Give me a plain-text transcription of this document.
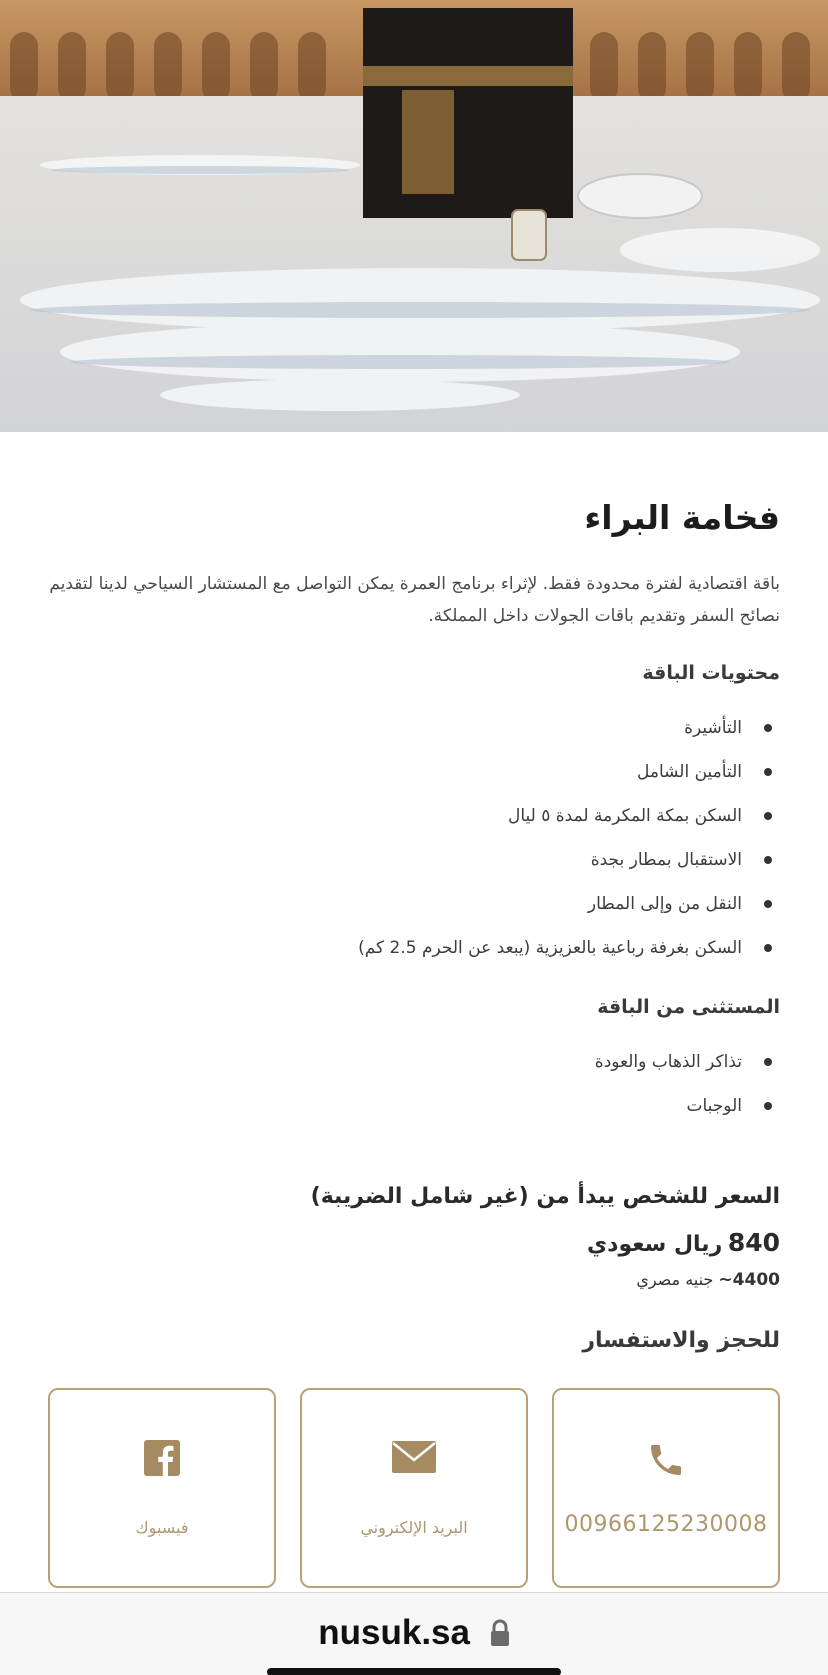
فخامة البراء

باقة اقتصادية لفترة محدودة فقط. لإثراء برنامج العمرة يمكن التواصل مع المستشار السياحي لدينا لتقديم نصائح السفر وتقديم باقات الجولات داخل المملكة.

محتويات الباقة
التأشيرة
التأمين الشامل
السكن بمكة المكرمة لمدة ٥ ليال
الاستقبال بمطار بجدة
النقل من وإلى المطار
السكن بغرفة رباعية بالعزيزية (يبعد عن الحرم 2.5 كم)
المستثنى من الباقة
تذاكر الذهاب والعودة
الوجبات
السعر للشخص يبدأ من (غير شامل الضريبة)
840 ريال سعودي
4400~ جنيه مصري
للحجز والاستفسار
00966125230008
البريد الإلكتروني
فيسبوك
nusuk.sa
